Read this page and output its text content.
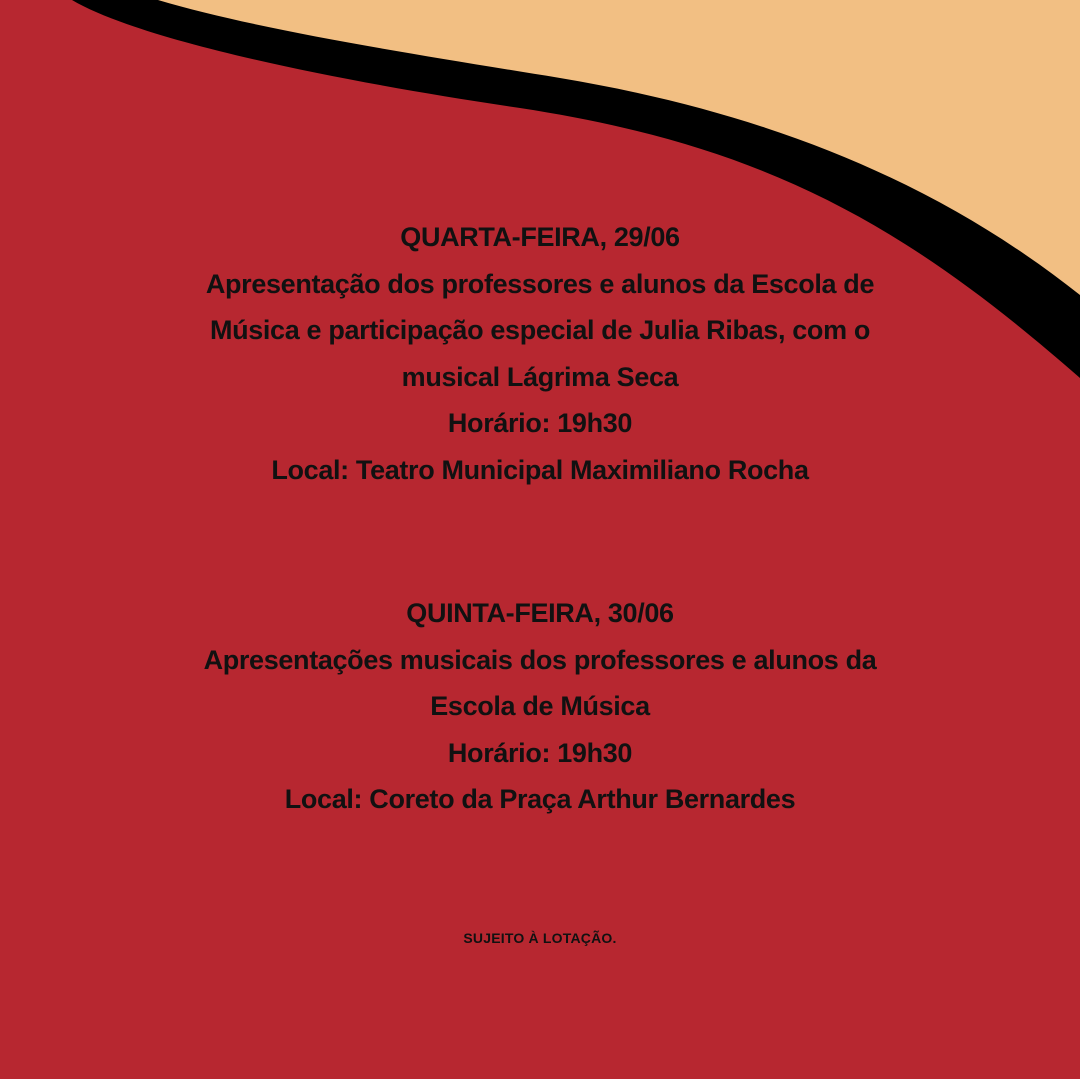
QUARTA-FEIRA, 29/06
Apresentação dos professores e alunos da Escola de
Música e participação especial de Julia Ribas, com o
musical Lágrima Seca
Horário: 19h30
Local: Teatro Municipal Maximiliano Rocha
QUINTA-FEIRA, 30/06
Apresentações musicais dos professores e alunos da
Escola de Música
Horário: 19h30
Local: Coreto da Praça Arthur Bernardes
SUJEITO À LOTAÇÃO.
